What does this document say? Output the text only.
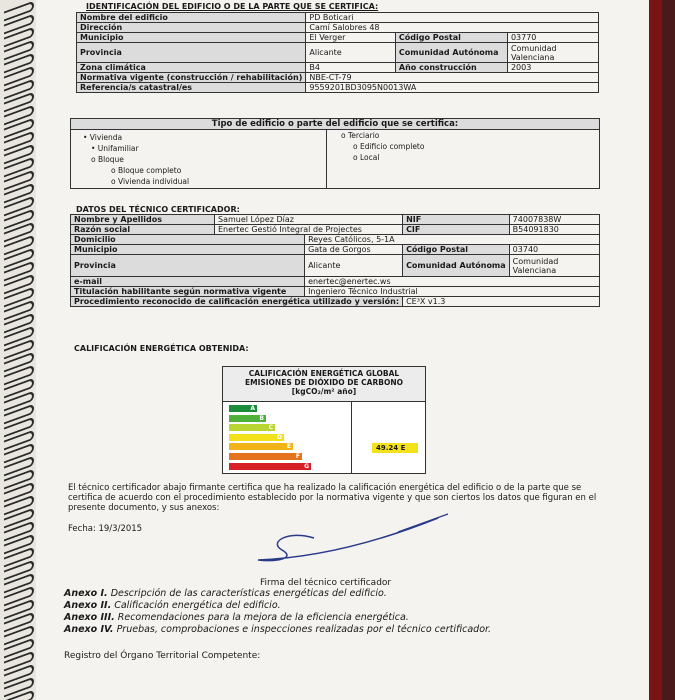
IDENTIFICACIÓN DEL EDIFICIO O DE LA PARTE QUE SE CERTIFICA:
Nombre del edificio	PD Boticari		
Dirección	Camí Salobres 48		
Municipio	El Verger	Código Postal	03770
Provincia	Alicante	Comunidad Autónoma	Comunidad Valenciana
Zona climática	B4	Año construcción	2003
Normativa vigente (construcción / rehabilitación)	NBE-CT-79		
Referencia/s catastral/es	9559201BD3095N0013WA		
Tipo de edificio o parte del edificio que se certifica:
• Vivienda
• Unifamiliar
o Bloque
o Bloque completo
o Vivienda individual
o Terciario
o Edificio completo
o Local
DATOS DEL TÉCNICO CERTIFICADOR:
Nombre y Apellidos	Samuel López Díaz		NIF	74007838W
Razón social	Enertec Gestió Integral de Projectes		CIF	B54091830
Domicilio		Reyes Católicos, 5-1A		
Municipio		Gata de Gorgos	Código Postal	03740
Provincia		Alicante	Comunidad Autónoma	Comunidad Valenciana
e-mail		enertec@enertec.ws		
Titulación habilitante según normativa vigente		Ingeniero Técnico Industrial		
Procedimiento reconocido de calificación energética utilizado y versión:			CE³X v1.3	
CALIFICACIÓN ENERGÉTICA OBTENIDA:
CALIFICACIÓN ENERGÉTICA GLOBAL
EMISIONES DE DIÓXIDO DE CARBONO
[kgCO₂/m² año]
A
B
C
D
E
F
G
49.24 E
El técnico certificador abajo firmante certifica que ha realizado la calificación energética del edificio o de la parte que se certifica de acuerdo con el procedimiento establecido por la normativa vigente y que son ciertos los datos que figuran en el presente documento, y sus anexos:
Fecha: 19/3/2015
Firma del técnico certificador
Anexo I. Descripción de las características energéticas del edificio.
Anexo II. Calificación energética del edificio.
Anexo III. Recomendaciones para la mejora de la eficiencia energética.
Anexo IV. Pruebas, comprobaciones e inspecciones realizadas por el técnico certificador.
Registro del Órgano Territorial Competente:
